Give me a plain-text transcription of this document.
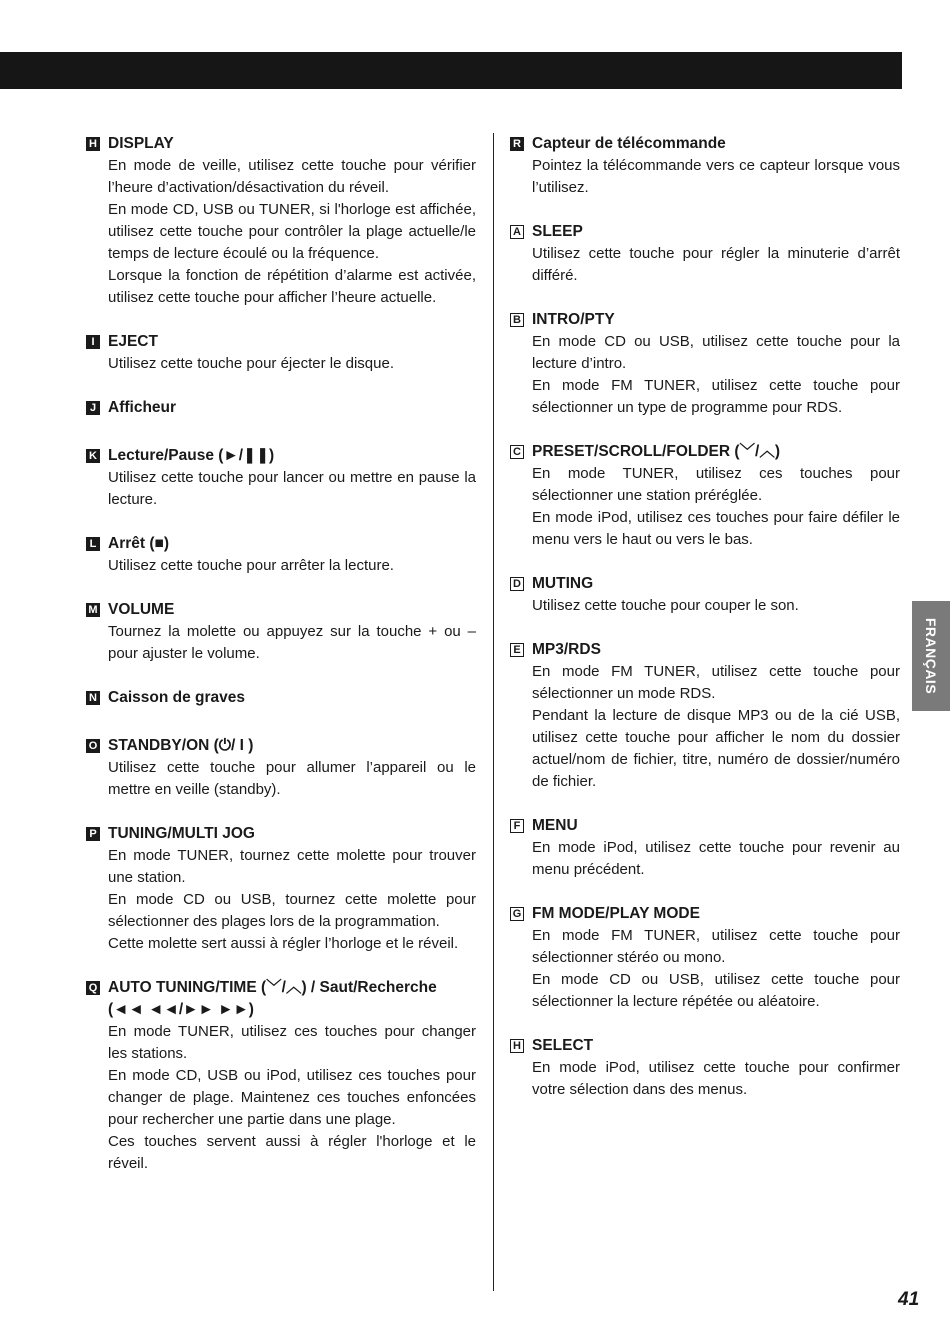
H DISPLAY

En mode de veille, utilisez cette touche pour vérifier l’heure d’activation/désactivation du réveil.

En mode CD, USB ou TUNER, si l'horloge est affichée, utilisez cette touche pour contrôler la plage actuelle/le temps de lecture écoulé ou la fréquence.

Lorsque la fonction de répétition d’alarme est activée, utilisez cette touche pour afficher l’heure actuelle.

I EJECT

Utilisez cette touche pour éjecter le disque.

J Afficheur
K Lecture/Pause (►/❚❚)

Utilisez cette touche pour lancer ou mettre en pause la lecture.

L Arrêt (■)

Utilisez cette touche pour arrêter la lecture.

M VOLUME

Tournez la molette ou appuyez sur la touche + ou – pour ajuster le volume.

N Caisson de graves
O STANDBY/ON (⏻/ I )

Utilisez cette touche pour allumer l’appareil ou le mettre en veille (standby).

P TUNING/MULTI JOG

En mode TUNER, tournez cette molette pour trouver une station.

En mode CD ou USB, tournez cette molette pour sélectionner des plages lors de la programmation.

Cette molette sert aussi à régler l’horloge et le réveil.

Q AUTO TUNING/TIME (﹀/︿) / Saut/Recherche (◄◄ ◄◄/►► ►►)

En mode TUNER, utilisez ces touches pour changer les stations.

En mode CD, USB ou iPod, utilisez ces touches pour changer de plage. Maintenez ces touches enfoncées pour rechercher une partie dans une plage.

Ces touches servent aussi à régler l'horloge et le réveil.

R Capteur de télécommande

Pointez la télécommande vers ce capteur lorsque vous l’utilisez.

A SLEEP

Utilisez cette touche pour régler la minuterie d’arrêt différé.

B INTRO/PTY

En mode CD ou USB, utilisez cette touche pour la lecture d’intro.

En mode FM TUNER, utilisez cette touche pour sélectionner un type de programme pour RDS.

C PRESET/SCROLL/FOLDER (﹀/︿)

En mode TUNER, utilisez ces touches pour sélectionner une station préréglée.

En mode iPod, utilisez ces touches pour faire défiler le menu vers le haut ou vers le bas.

D MUTING

Utilisez cette touche pour couper le son.

E MP3/RDS

En mode FM TUNER, utilisez cette touche pour sélectionner un mode RDS.

Pendant la lecture de disque MP3 ou de la cié USB, utilisez cette touche pour afficher le nom du dossier actuel/nom de fichier, titre, numéro de dossier/numéro de fichier.

F MENU

En mode iPod, utilisez cette touche pour revenir au menu précédent.

G FM MODE/PLAY MODE

En mode FM TUNER, utilisez cette touche pour sélectionner stéréo ou mono.

En mode CD ou USB, utilisez cette touche pour sélectionner la lecture répétée ou aléatoire.

H SELECT

En mode iPod, utilisez cette touche pour confirmer votre sélection dans des menus.

FRANÇAIS
41
